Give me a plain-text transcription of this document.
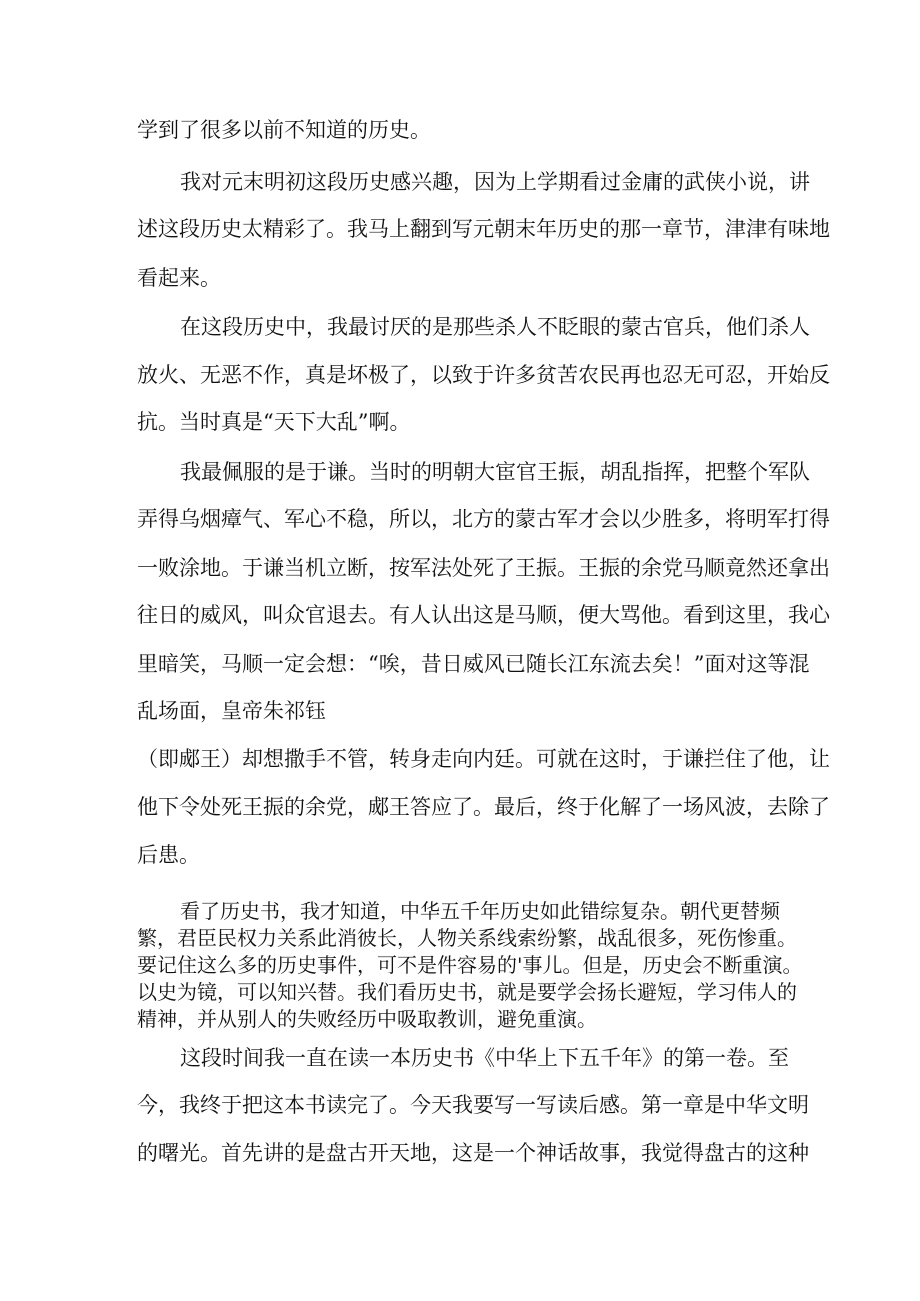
学到了很多以前不知道的历史。

我对元末明初这段历史感兴趣，因为上学期看过金庸的武侠小说，讲

述这段历史太精彩了。我马上翻到写元朝末年历史的那一章节，津津有味地

看起来。

在这段历史中，我最讨厌的是那些杀人不眨眼的蒙古官兵，他们杀人

放火、无恶不作，真是坏极了，以致于许多贫苦农民再也忍无可忍，开始反

抗。当时真是“天下大乱”啊。

我最佩服的是于谦。当时的明朝大宦官王振，胡乱指挥，把整个军队

弄得乌烟瘴气、军心不稳，所以，北方的蒙古军才会以少胜多，将明军打得

一败涂地。于谦当机立断，按军法处死了王振。王振的余党马顺竟然还拿出

往日的威风，叫众官退去。有人认出这是马顺，便大骂他。看到这里，我心

里暗笑，马顺一定会想：“唉，昔日威风已随长江东流去矣！”面对这等混

乱场面，皇帝朱祁钰

（即郕王）却想撒手不管，转身走向内廷。可就在这时，于谦拦住了他，让

他下令处死王振的余党，郕王答应了。最后，终于化解了一场风波，去除了

后患。

看了历史书，我才知道，中华五千年历史如此错综复杂。朝代更替频

繁，君臣民权力关系此消彼长，人物关系线索纷繁，战乱很多，死伤惨重。

要记住这么多的历史事件，可不是件容易的'事儿。但是，历史会不断重演。

以史为镜，可以知兴替。我们看历史书，就是要学会扬长避短，学习伟人的

精神，并从别人的失败经历中吸取教训，避免重演。

这段时间我一直在读一本历史书《中华上下五千年》的第一卷。至

今，我终于把这本书读完了。今天我要写一写读后感。第一章是中华文明

的曙光。首先讲的是盘古开天地，这是一个神话故事，我觉得盘古的这种
